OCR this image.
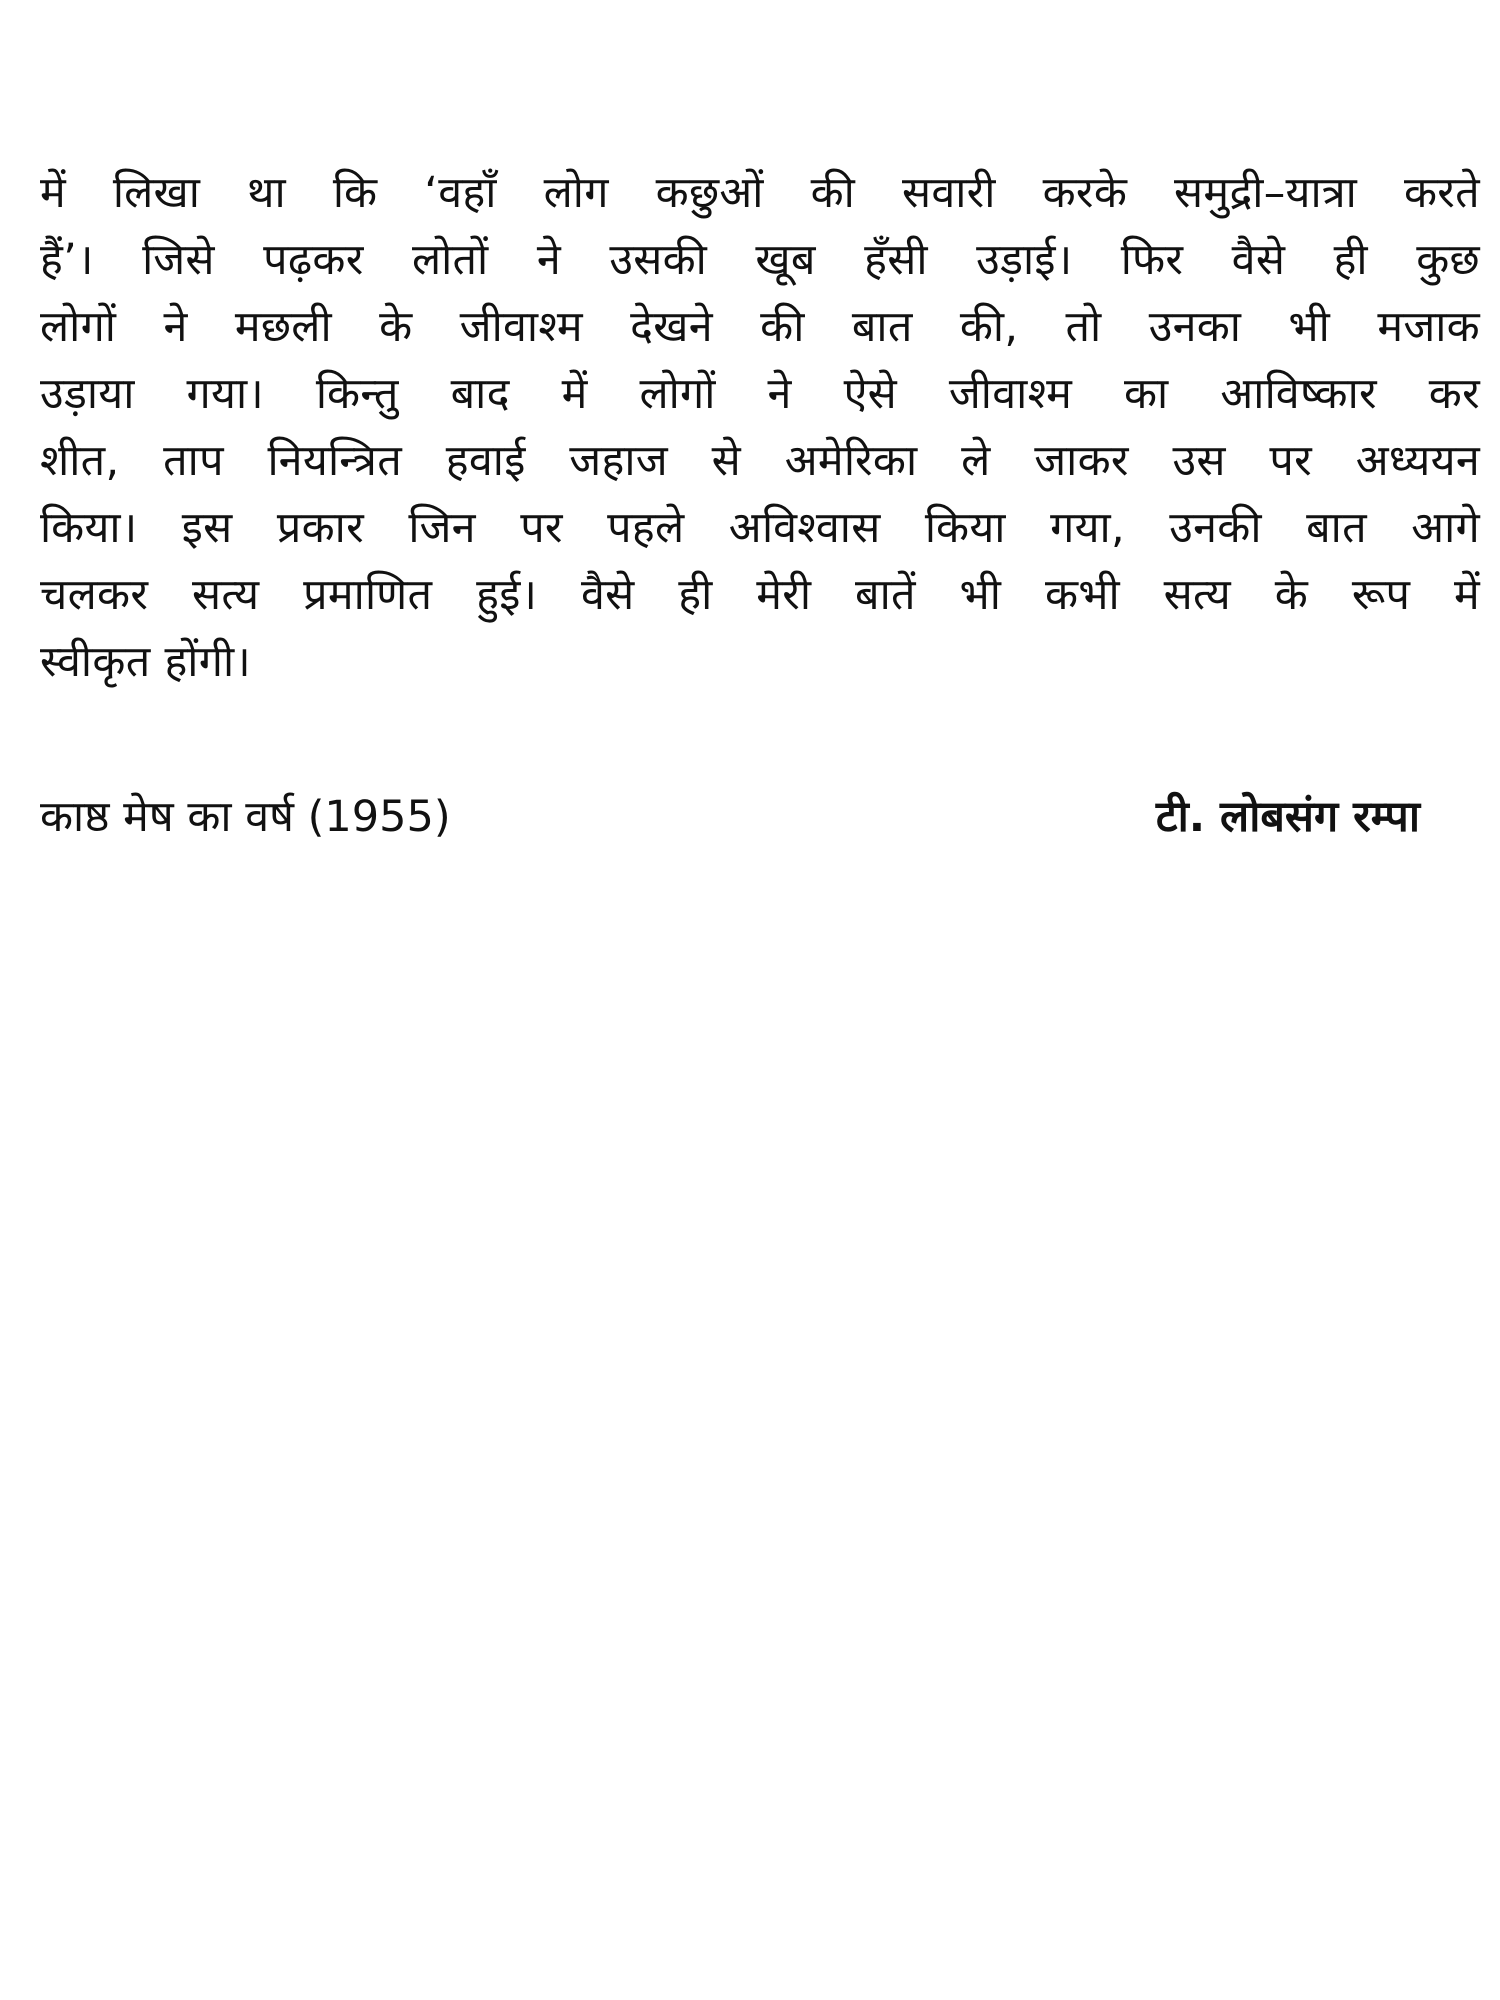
में लिखा था कि ‘वहाँ लोग कछुओं की सवारी करके समुद्री–यात्रा करते
हैं’। जिसे पढ़कर लोतों ने उसकी खूब हँसी उड़ाई। फिर वैसे ही कुछ
लोगों ने मछली के जीवाश्म देखने की बात की, तो उनका भी मजाक
उड़ाया गया। किन्तु बाद में लोगों ने ऐसे जीवाश्म का आविष्कार कर
शीत, ताप नियन्त्रित हवाई जहाज से अमेरिका ले जाकर उस पर अध्ययन
किया। इस प्रकार जिन पर पहले अविश्वास किया गया, उनकी बात आगे
चलकर सत्य प्रमाणित हुई। वैसे ही मेरी बातें भी कभी सत्य के रूप में
स्वीकृत होंगी।
काष्ठ मेष का वर्ष (1955)	टी. लोबसंग रम्पा
